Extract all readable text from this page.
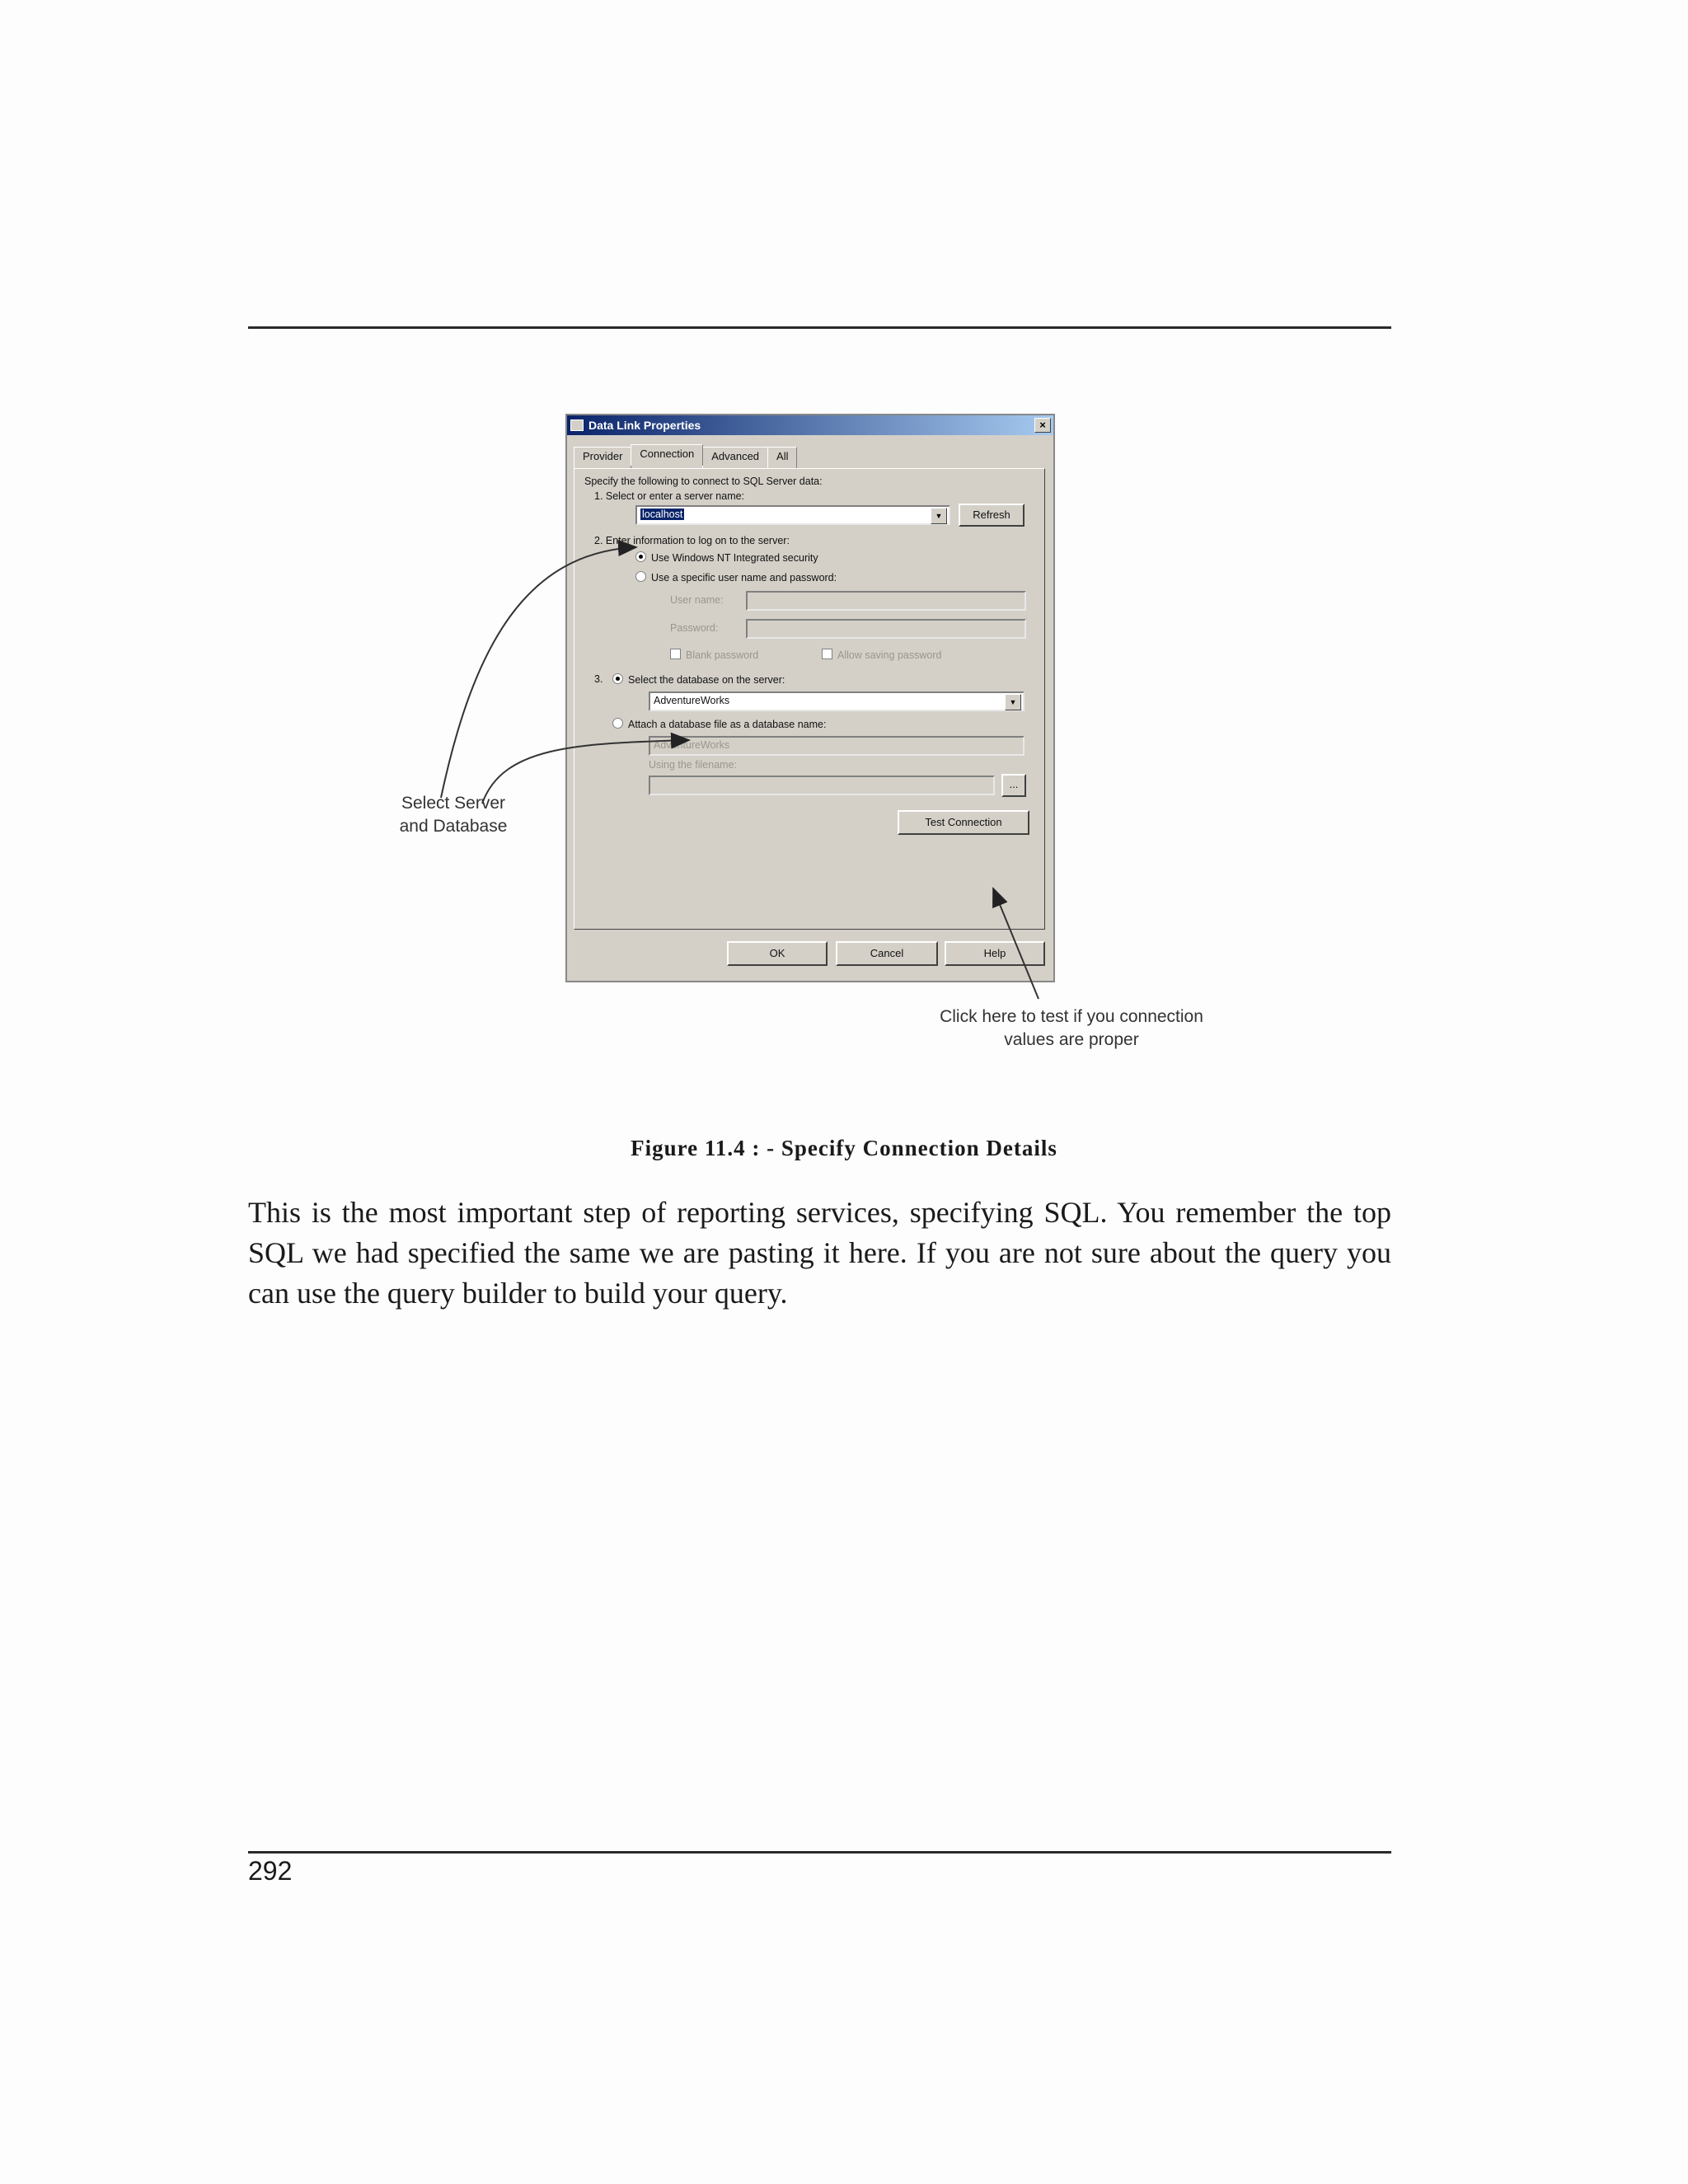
Data Link Properties	×
Provider	Connection	Advanced	All
Specify the following to connect to SQL Server data:
1. Select or enter a server name:
localhost	▼	Refresh
2. Enter information to log on to the server:
Use Windows NT Integrated security
Use a specific user name and password:
User name:
Password:
Blank password	Allow saving password
3.	Select the database on the server:
AdventureWorks	▼
Attach a database file as a database name:
AdventureWorks
Using the filename:
...
Test Connection
OK	Cancel	Help
Select Server
and Database
Click here to test if you connection
values are proper
Figure 11.4 : - Specify Connection Details

This is the most important step of reporting services, specifying SQL. You remember the top SQL we had specified the same we are pasting it here. If you are not sure about the query you can use the query builder to build your query.

292
